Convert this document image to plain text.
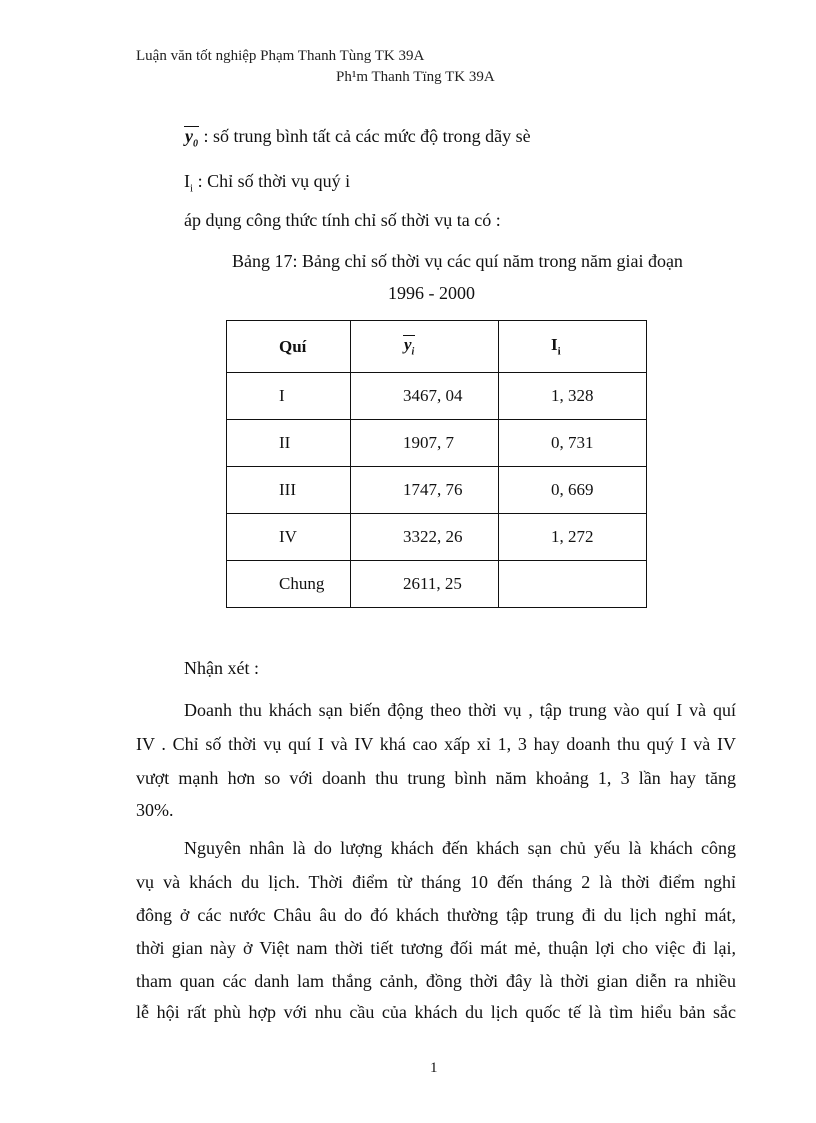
Luận văn tốt nghiệp Phạm Thanh Tùng TK 39A
Ph¹m Thanh Tïng TK 39A
$y_0$ : số trung bình tất cả các mức độ trong dãy sè
$I_i$ : Chỉ số thời vụ quý i
áp dụng công thức tính chỉ số thời vụ ta có :
Bảng 17: Bảng chỉ số thời vụ các quí năm trong năm giai đoạn
1996 - 2000
Quí	$y_i$	$I_i$
I	3467, 04	1, 328
II	1907, 7	0, 731
III	1747, 76	0, 669
IV	3322, 26	1, 272
Chung	2611, 25	
Nhận xét :
Doanh thu khách sạn biến động theo thời vụ , tập trung vào quí I và quí
IV . Chỉ số thời vụ quí I và IV khá cao xấp xỉ 1, 3 hay doanh thu quý I và IV
vượt mạnh hơn so với doanh thu trung bình năm khoảng 1, 3 lần hay tăng
30%.
Nguyên nhân là do lượng khách đến khách sạn chủ yếu là khách công
vụ và khách du lịch. Thời điểm từ tháng 10 đến tháng 2 là thời điểm nghỉ
đông ở các nước Châu âu do đó khách thường tập trung đi du lịch nghỉ mát,
thời gian này ở Việt nam thời tiết tương đối mát mẻ, thuận lợi cho việc đi lại,
tham quan các danh lam thắng cảnh, đồng thời đây là thời gian diễn ra nhiều
lễ hội rất phù hợp với nhu cầu của khách du lịch quốc tế là tìm hiểu bản sắc
1
